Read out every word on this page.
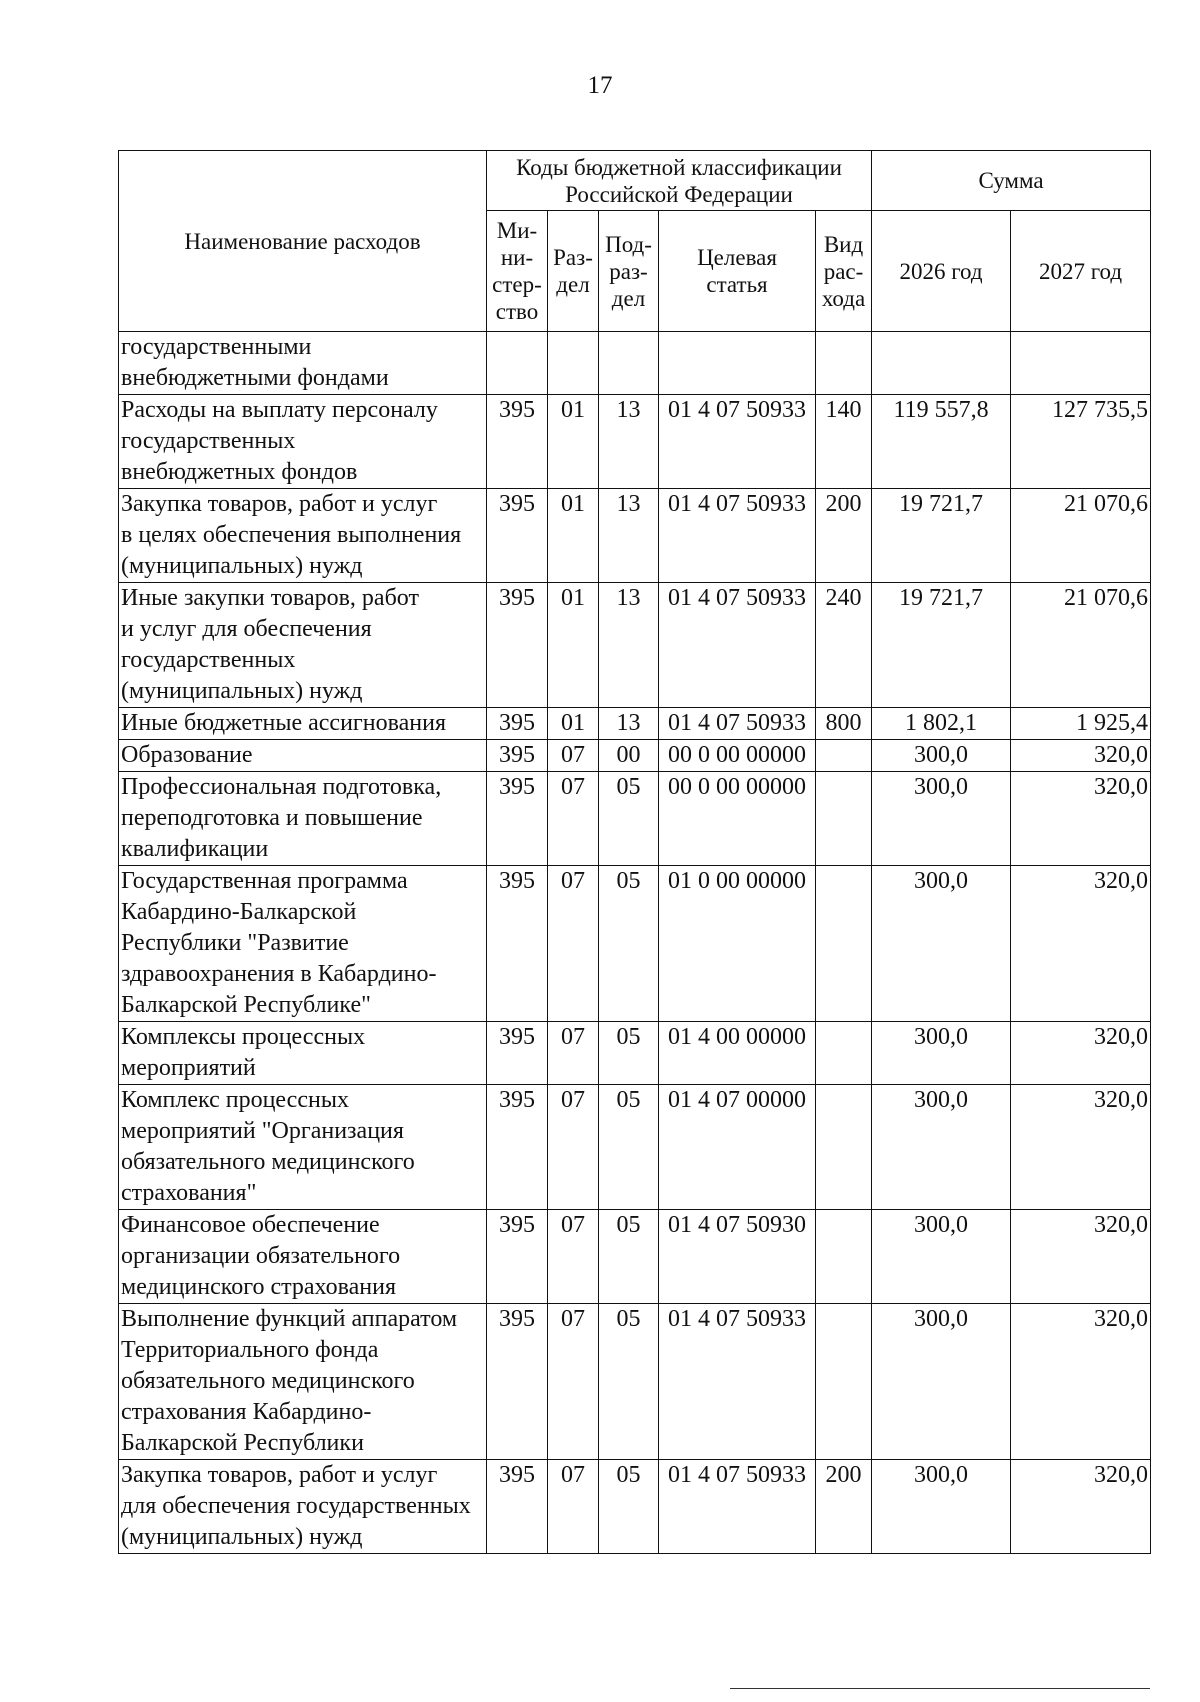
17
Наименование расходов	Коды бюджетной классификации Российской Федерации					Сумма	
	Ми-
ни-
стер-
ство	Раз-
дел	Под-
раз-
дел	Целевая
статья	Вид
рас-
хода	2026 год	2027 год

государственными
внебюджетными фондами							

Расходы на выплату персоналу
государственных
внебюджетных фондов	395	01	13	01 4 07 50933	140	119 557,8	127 735,5

Закупка товаров, работ и услуг
в целях обеспечения выполнения
(муниципальных) нужд	395	01	13	01 4 07 50933	200	19 721,7	21 070,6

Иные закупки товаров, работ
и услуг для обеспечения
государственных
(муниципальных) нужд	395	01	13	01 4 07 50933	240	19 721,7	21 070,6

Иные бюджетные ассигнования	395	01	13	01 4 07 50933	800	1 802,1	1 925,4

Образование	395	07	00	00 0 00 00000		300,0	320,0

Профессиональная подготовка,
переподготовка и повышение
квалификации	395	07	05	00 0 00 00000		300,0	320,0

Государственная программа
Кабардино-Балкарской
Республики "Развитие
здравоохранения в Кабардино-
Балкарской Республике"	395	07	05	01 0 00 00000		300,0	320,0

Комплексы процессных
мероприятий	395	07	05	01 4 00 00000		300,0	320,0

Комплекс процессных
мероприятий "Организация
обязательного медицинского
страхования"	395	07	05	01 4 07 00000		300,0	320,0

Финансовое обеспечение
организации обязательного
медицинского страхования	395	07	05	01 4 07 50930		300,0	320,0

Выполнение функций аппаратом
Территориального фонда
обязательного медицинского
страхования Кабардино-
Балкарской Республики	395	07	05	01 4 07 50933		300,0	320,0

Закупка товаров, работ и услуг
для обеспечения государственных
(муниципальных) нужд	395	07	05	01 4 07 50933	200	300,0	320,0
